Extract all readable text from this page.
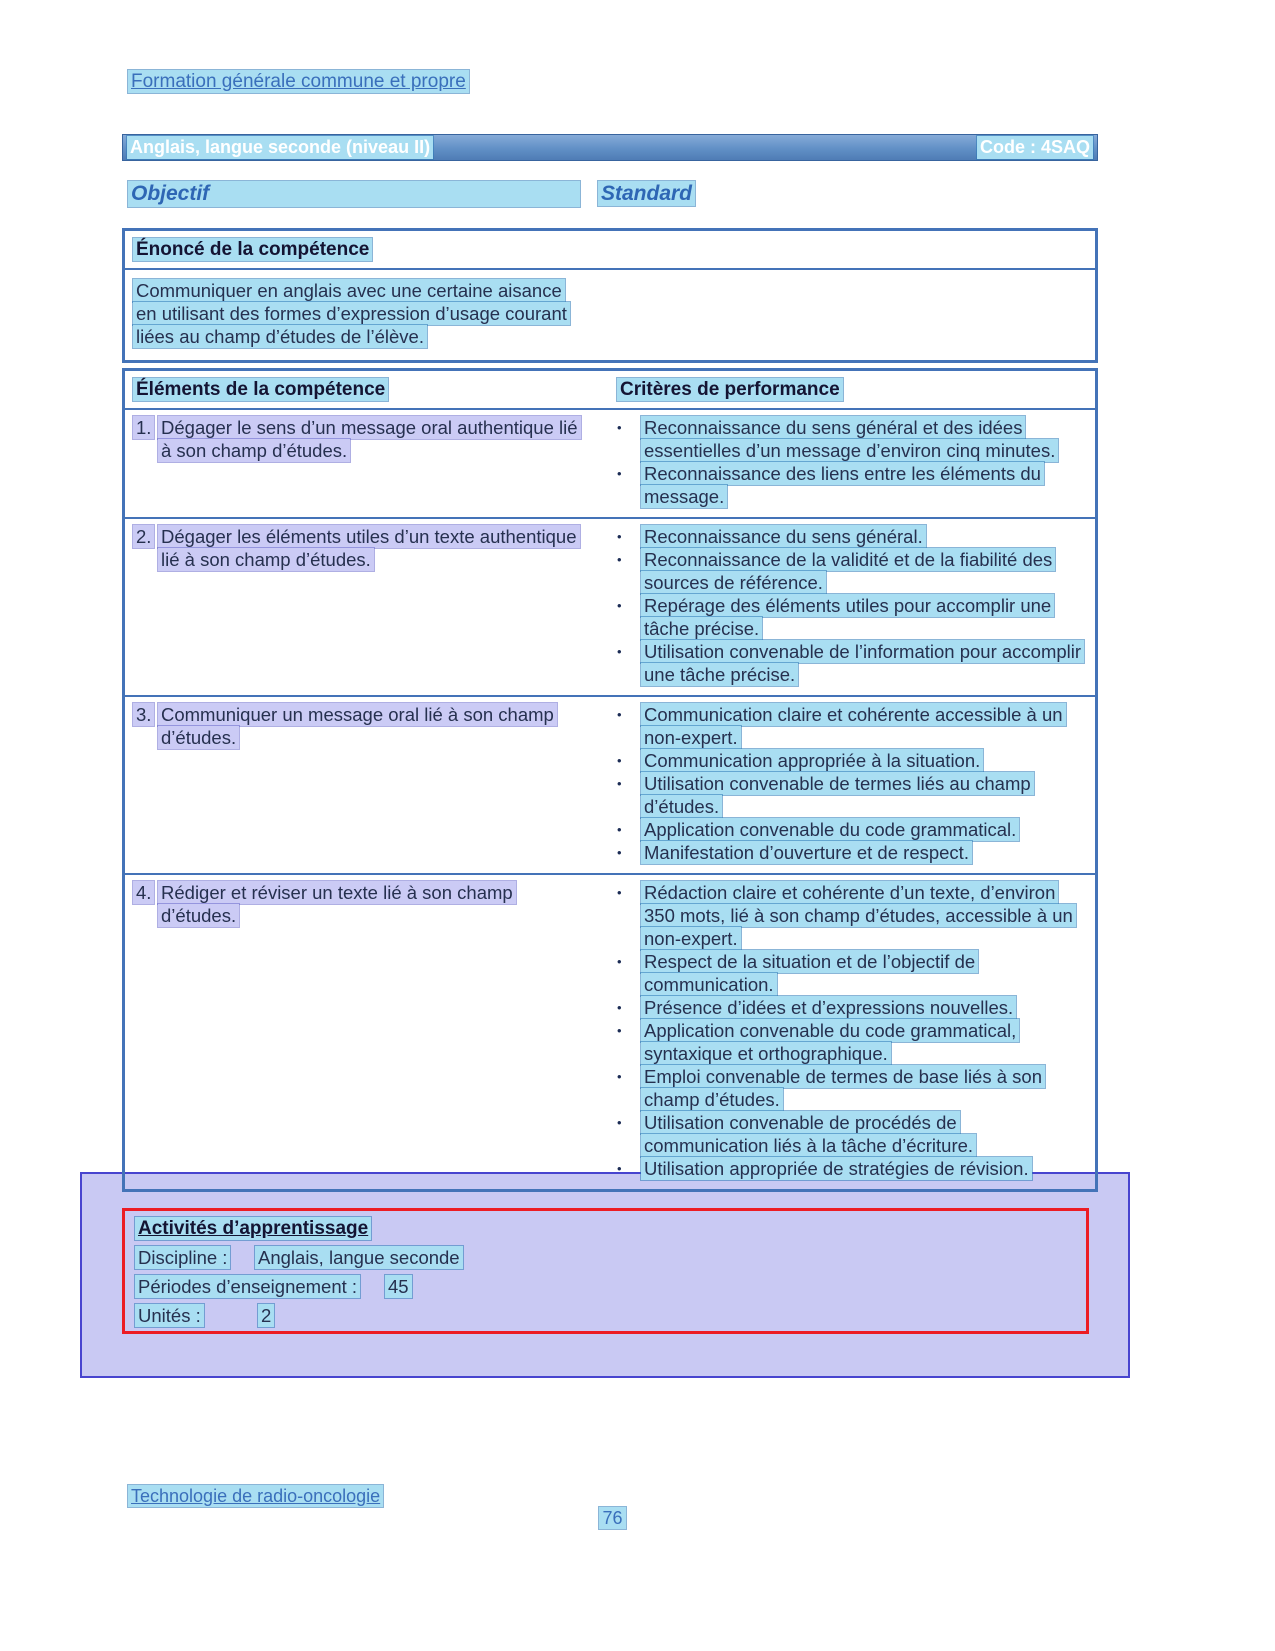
Formation générale commune et propre
Anglais, langue seconde (niveau II)	Code : 4SAQ
Objectif	Standard
Énoncé de la compétence
Communiquer en anglais avec une certaine aisance
en utilisant des formes d’expression d’usage courant
liées au champ d’études de l’élève.
Éléments de la compétence	Critères de performance
1. Dégager le sens d’un message oral authentique lié à son champ d’études.
•	Reconnaissance du sens général et des idées essentielles d’un message d’environ cinq minutes.
•	Reconnaissance des liens entre les éléments du message.
2. Dégager les éléments utiles d’un texte authentique lié à son champ d’études.
•	Reconnaissance du sens général.
•	Reconnaissance de la validité et de la fiabilité des sources de référence.
•	Repérage des éléments utiles pour accomplir une tâche précise.
•	Utilisation convenable de l’information pour accomplir une tâche précise.
3. Communiquer un message oral lié à son champ d’études.
•	Communication claire et cohérente accessible à un non-expert.
•	Communication appropriée à la situation.
•	Utilisation convenable de termes liés au champ d’études.
•	Application convenable du code grammatical.
•	Manifestation d’ouverture et de respect.
4. Rédiger et réviser un texte lié à son champ d’études.
•	Rédaction claire et cohérente d’un texte, d’environ 350 mots, lié à son champ d’études, accessible à un non-expert.
•	Respect de la situation et de l’objectif de communication.
•	Présence d’idées et d’expressions nouvelles.
•	Application convenable du code grammatical, syntaxique et orthographique.
•	Emploi convenable de termes de base liés à son champ d’études.
•	Utilisation convenable de procédés de communication liés à la tâche d’écriture.
•	Utilisation appropriée de stratégies de révision.
Activités d’apprentissage
Discipline :	Anglais, langue seconde
Périodes d’enseignement :	45
Unités :	2
Technologie de radio-oncologie
76
